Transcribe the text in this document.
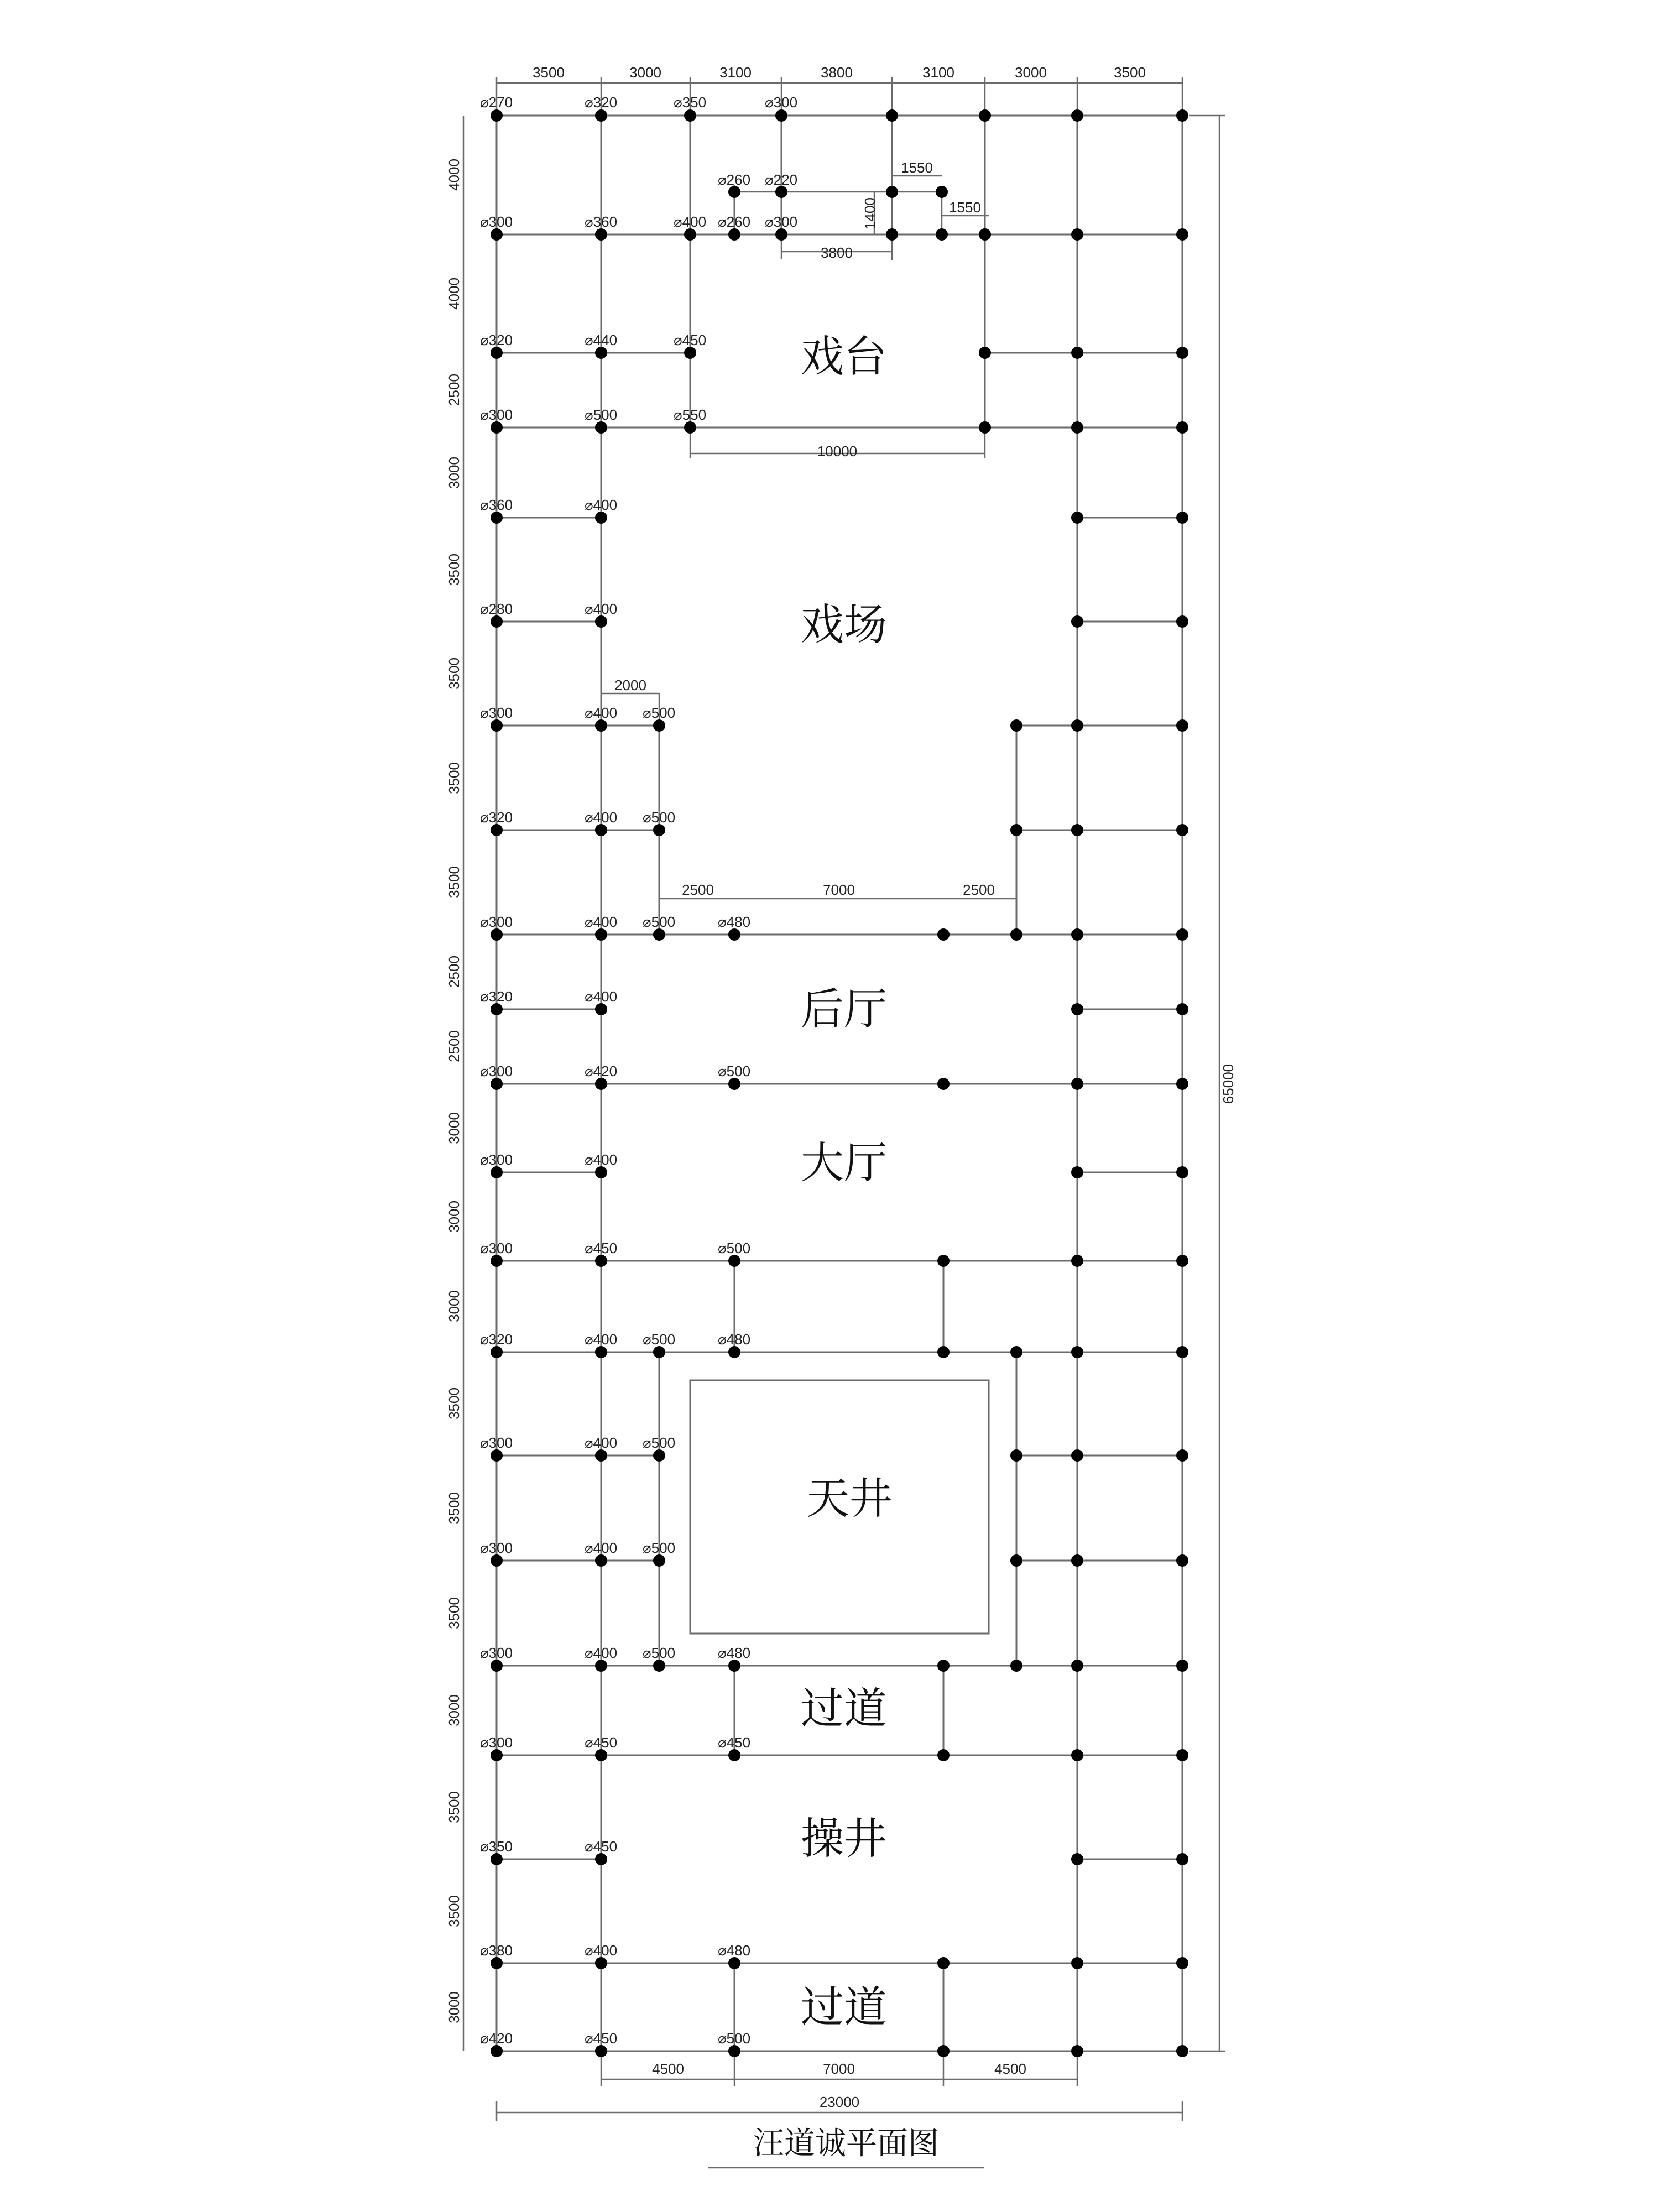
3500	3000	3100	3800	3100	3000	3500
4000
4000
2500
3000
3500
3500
3500
3500
2500
2500
3000
3000
3000
3500
3500
3500
3000
3500
3500
3000
65000
4500	7000	4500
23000
1550
1550
1400
3800
10000
2000
2500	7000	2500
⌀270	⌀320	⌀350	⌀300
⌀260 ⌀220
⌀300	⌀360	⌀400 ⌀260 ⌀300
⌀320	⌀440	⌀450
⌀300	⌀500	⌀550
⌀360	⌀400
⌀280	⌀400
⌀300	⌀400 ⌀500
⌀320	⌀400 ⌀500
⌀300	⌀400 ⌀500	⌀480
⌀320	⌀400
⌀300	⌀420	⌀500
⌀300	⌀400
⌀300	⌀450	⌀500
⌀320	⌀400 ⌀500	⌀480
⌀300	⌀400 ⌀500
⌀300	⌀400 ⌀500
⌀300	⌀400 ⌀500	⌀480
⌀300	⌀450	⌀450
⌀350	⌀450
⌀380	⌀400	⌀480
⌀420	⌀450	⌀500
戏台
戏场
后厅
大厅
天井
过道
操井
过道
汪道诚平面图
